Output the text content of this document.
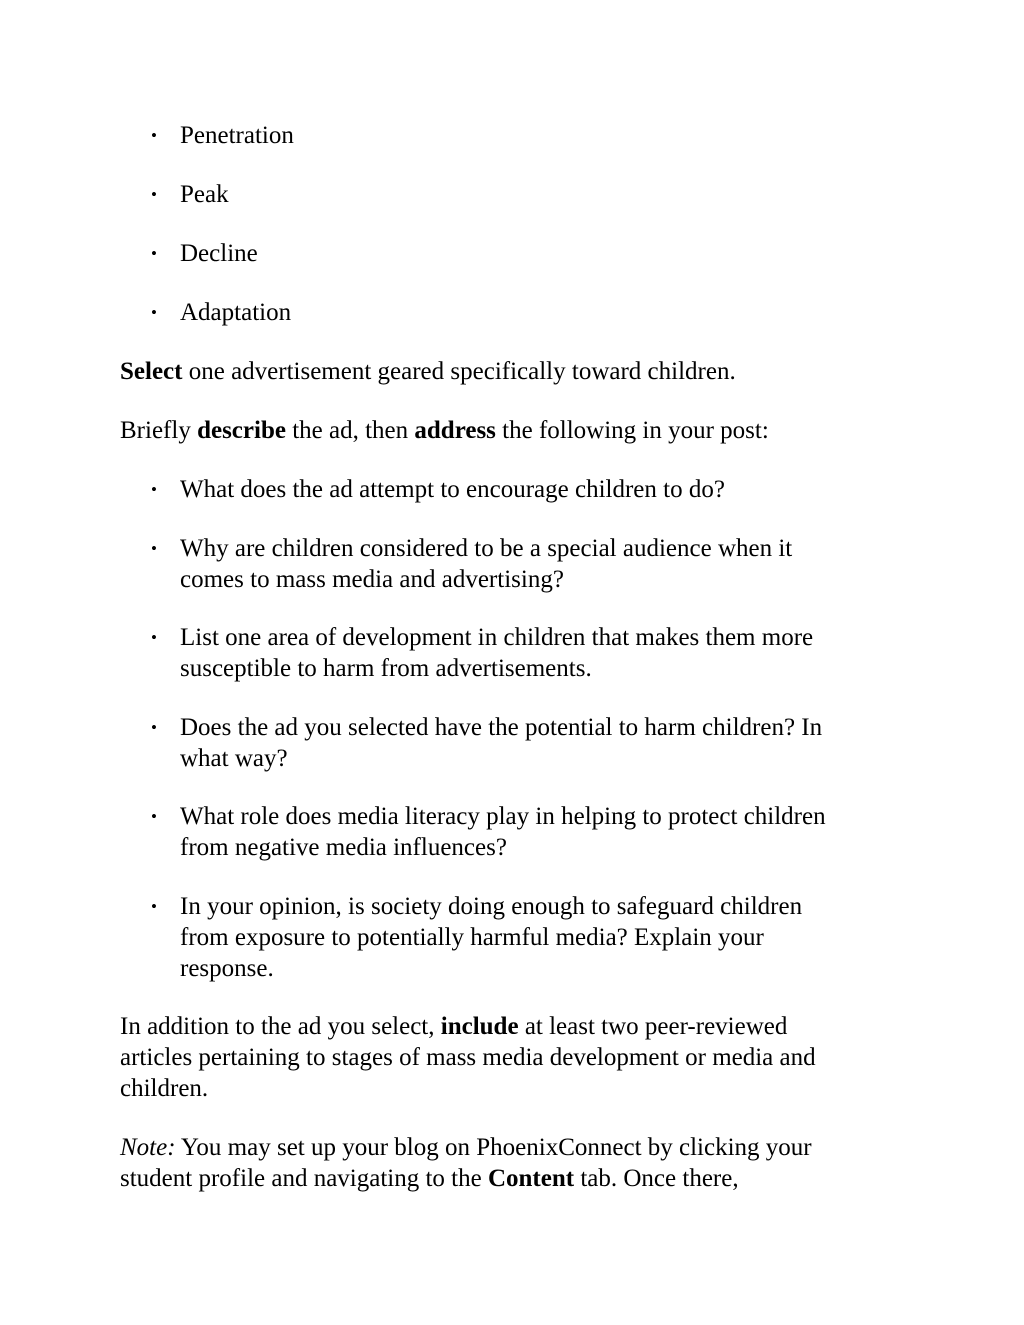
• Penetration
• Peak
• Decline
• Adaptation
Select one advertisement geared specifically toward children.
Briefly describe the ad, then address the following in your post:
• What does the ad attempt to encourage children to do?
• Why are children considered to be a special audience when it
comes to mass media and advertising?
• List one area of development in children that makes them more
susceptible to harm from advertisements.
• Does the ad you selected have the potential to harm children? In
what way?
• What role does media literacy play in helping to protect children
from negative media influences?
• In your opinion, is society doing enough to safeguard children
from exposure to potentially harmful media? Explain your
response.
In addition to the ad you select, include at least two peer-reviewed
articles pertaining to stages of mass media development or media and
children.
Note: You may set up your blog on PhoenixConnect by clicking your
student profile and navigating to the Content tab. Once there,
